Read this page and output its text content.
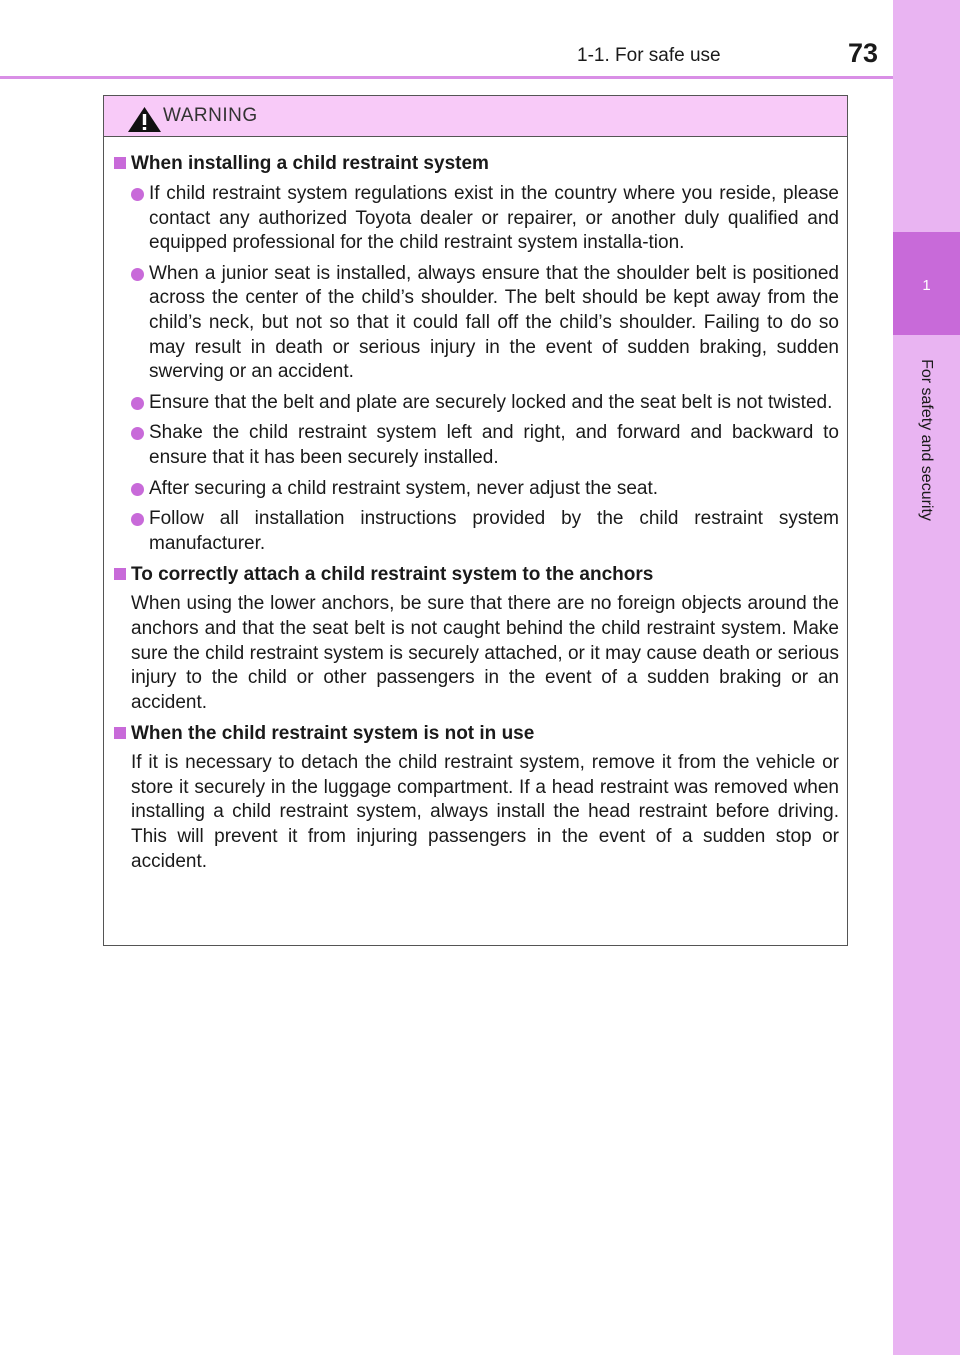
1-1. For safe use	73
1
For safety and security
WARNING
When installing a child restraint system
If child restraint system regulations exist in the country where you reside, please contact any authorized Toyota dealer or repairer, or another duly qualified and equipped professional for the child restraint system installa-tion.
When a junior seat is installed, always ensure that the shoulder belt is positioned across the center of the child’s shoulder. The belt should be kept away from the child’s neck, but not so that it could fall off the child’s shoulder. Failing to do so may result in death or serious injury in the event of sudden braking, sudden swerving or an accident.
Ensure that the belt and plate are securely locked and the seat belt is not twisted.
Shake the child restraint system left and right, and forward and backward to ensure that it has been securely installed.
After securing a child restraint system, never adjust the seat.
Follow all installation instructions provided by the child restraint system manufacturer.
To correctly attach a child restraint system to the anchors
When using the lower anchors, be sure that there are no foreign objects around the anchors and that the seat belt is not caught behind the child restraint system. Make sure the child restraint system is securely attached, or it may cause death or serious injury to the child or other passengers in the event of a sudden braking or an accident.
When the child restraint system is not in use
If it is necessary to detach the child restraint system, remove it from the vehicle or store it securely in the luggage compartment. If a head restraint was removed when installing a child restraint system, always install the head restraint before driving. This will prevent it from injuring passengers in the event of a sudden stop or accident.
